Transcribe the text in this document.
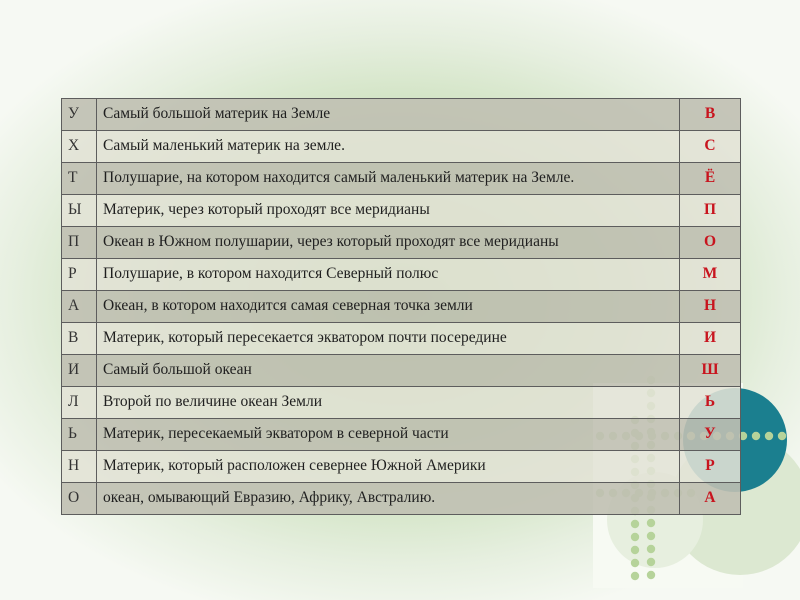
У	Самый большой материк на Земле	В
Х	Самый маленький материк на земле.	С
Т	Полушарие, на котором находится самый маленький материк на Земле.	Ё
Ы	Материк, через который проходят все меридианы	П
П	Океан в Южном полушарии, через который проходят все меридианы	О
Р	Полушарие, в котором находится Северный полюс	М
А	Океан, в котором находится самая северная точка земли	Н
В	Материк, который пересекается экватором почти посередине	И
И	Самый большой океан	Ш
Л	Второй по величине океан Земли	Ь
Ь	Материк, пересекаемый экватором в северной части	У
Н	Материк, который расположен севернее Южной Америки	Р
О	океан, омывающий Евразию, Африку, Австралию.	А
